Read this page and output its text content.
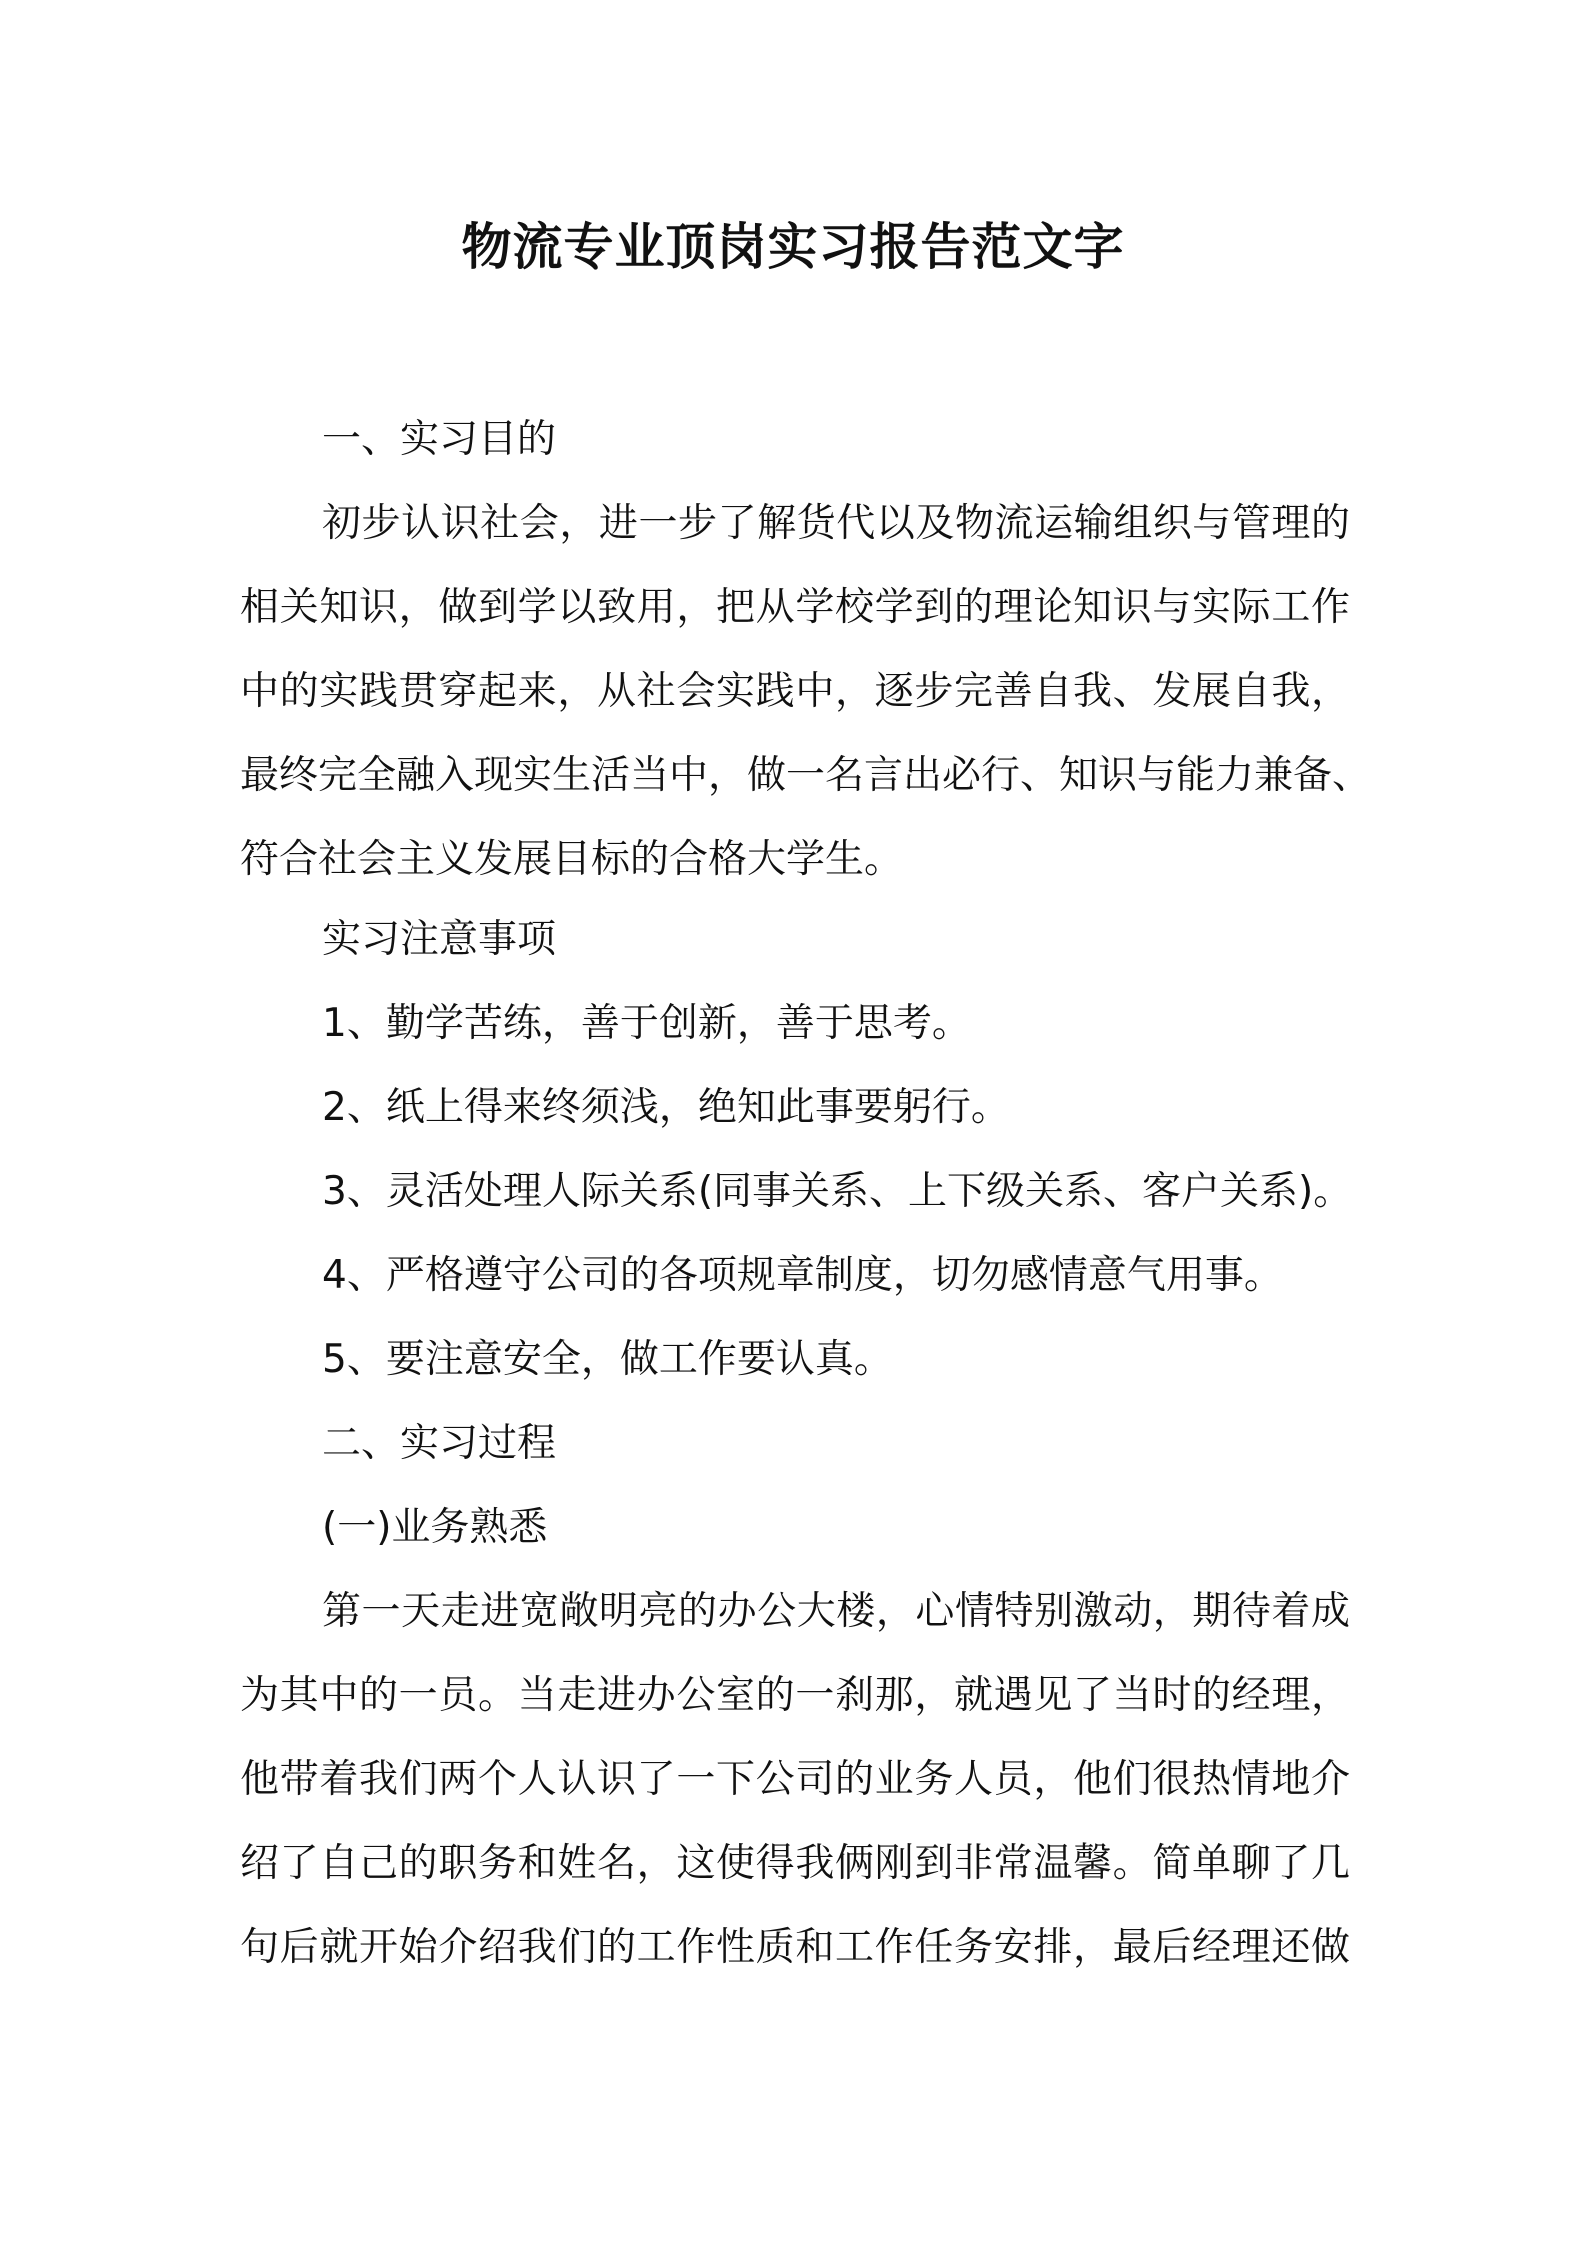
物流专业顶岗实习报告范文字
一、实习目的
初步认识社会，进一步了解货代以及物流运输组织与管理的
相关知识，做到学以致用，把从学校学到的理论知识与实际工作
中的实践贯穿起来，从社会实践中，逐步完善自我、发展自我，
最终完全融入现实生活当中，做一名言出必行、知识与能力兼备、
符合社会主义发展目标的合格大学生。
实习注意事项
1、勤学苦练，善于创新，善于思考。
2、纸上得来终须浅，绝知此事要躬行。
3、灵活处理人际关系(同事关系、上下级关系、客户关系)。
4、严格遵守公司的各项规章制度，切勿感情意气用事。
5、要注意安全，做工作要认真。
二、实习过程
(一)业务熟悉
第一天走进宽敞明亮的办公大楼，心情特别激动，期待着成
为其中的一员。当走进办公室的一刹那，就遇见了当时的经理，
他带着我们两个人认识了一下公司的业务人员，他们很热情地介
绍了自己的职务和姓名，这使得我俩刚到非常温馨。简单聊了几
句后就开始介绍我们的工作性质和工作任务安排，最后经理还做
